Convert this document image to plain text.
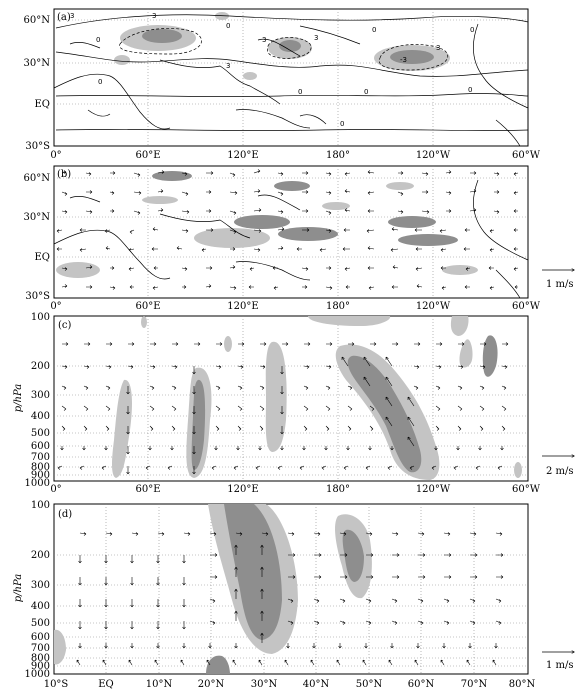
3	3
0
0	3	3
0	0
3
3
-3
0
0	0
0
0
(a)
60°N
30°N
EQ
30°S
0°	60°E	120°E	180°	120°W	60°W
(b)
60°N
30°N
EQ
30°S
0°	60°E	120°E	180°	120°W	60°W
1 m/s
(c)
p/hPa
100
200
300
400
500
600
700
800
900
1000
0°	60°E	120°E	180°	120°W	60°W
2 m/s
(d)
p/hPa
100
200
300
400
500
600
700
800
900
1000
10°S	EQ	10°N	20°N	30°N	40°N	50°N	60°N	70°N 80°N
1 m/s
